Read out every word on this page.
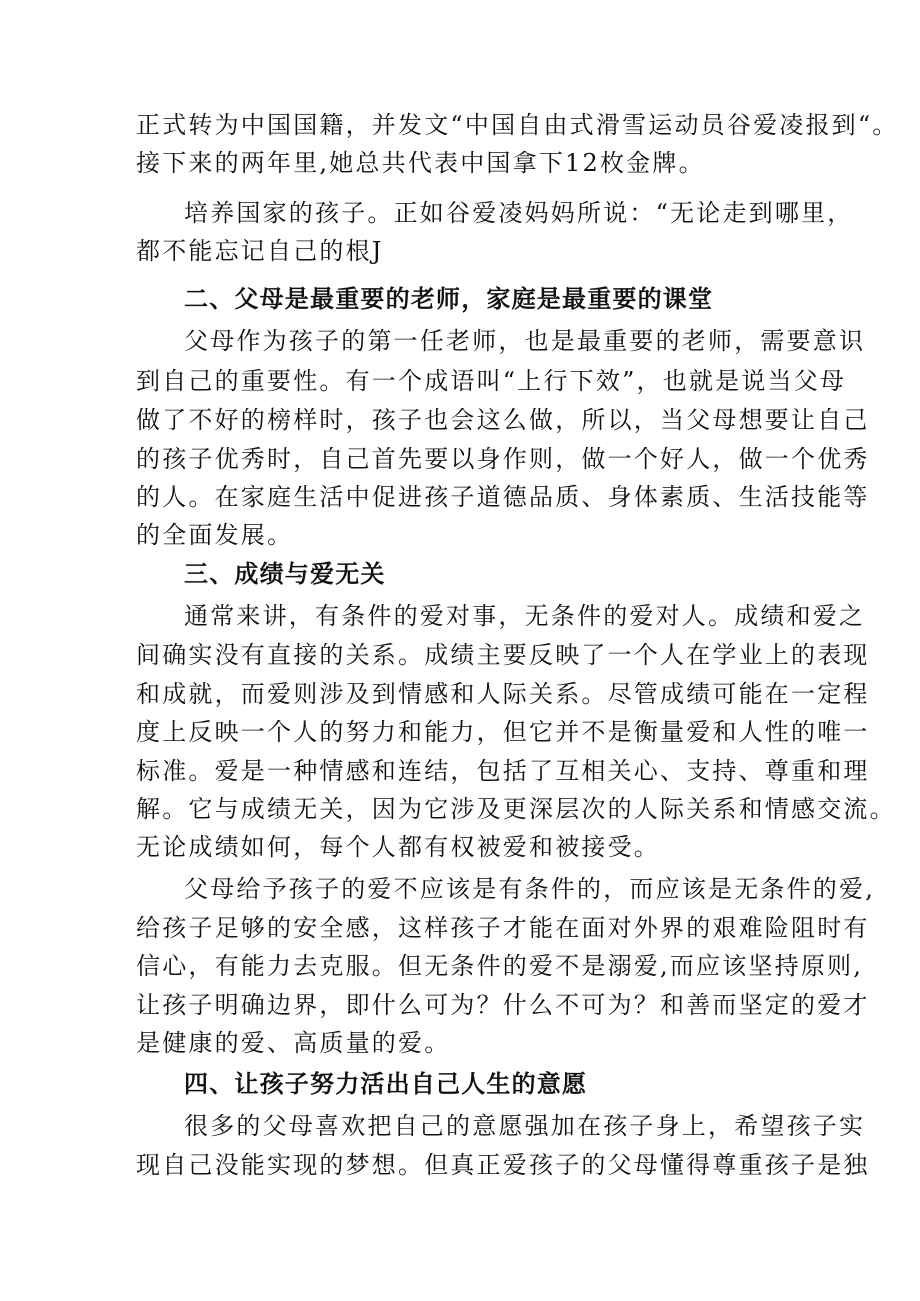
正式转为中国国籍，并发文“中国自由式滑雪运动员谷爱凌报到“。
接下来的两年里,她总共代表中国拿下12枚金牌。
培养国家的孩子。正如谷爱凌妈妈所说：“无论走到哪里，
都不能忘记自己的根J
二、父母是最重要的老师，家庭是最重要的课堂
父母作为孩子的第一任老师，也是最重要的老师，需要意识
到自己的重要性。有一个成语叫“上行下效”，也就是说当父母
做了不好的榜样时，孩子也会这么做，所以，当父母想要让自己
的孩子优秀时，自己首先要以身作则，做一个好人，做一个优秀
的人。在家庭生活中促进孩子道德品质、身体素质、生活技能等
的全面发展。
三、成绩与爱无关
通常来讲，有条件的爱对事，无条件的爱对人。成绩和爱之
间确实没有直接的关系。成绩主要反映了一个人在学业上的表现
和成就，而爱则涉及到情感和人际关系。尽管成绩可能在一定程
度上反映一个人的努力和能力，但它并不是衡量爱和人性的唯一
标准。爱是一种情感和连结，包括了互相关心、支持、尊重和理
解。它与成绩无关，因为它涉及更深层次的人际关系和情感交流。
无论成绩如何，每个人都有权被爱和被接受。
父母给予孩子的爱不应该是有条件的，而应该是无条件的爱,
给孩子足够的安全感，这样孩子才能在面对外界的艰难险阻时有
信心，有能力去克服。但无条件的爱不是溺爱,而应该坚持原则,
让孩子明确边界，即什么可为？什么不可为？和善而坚定的爱才
是健康的爱、高质量的爱。
四、让孩子努力活出自己人生的意愿
很多的父母喜欢把自己的意愿强加在孩子身上，希望孩子实
现自己没能实现的梦想。但真正爱孩子的父母懂得尊重孩子是独
